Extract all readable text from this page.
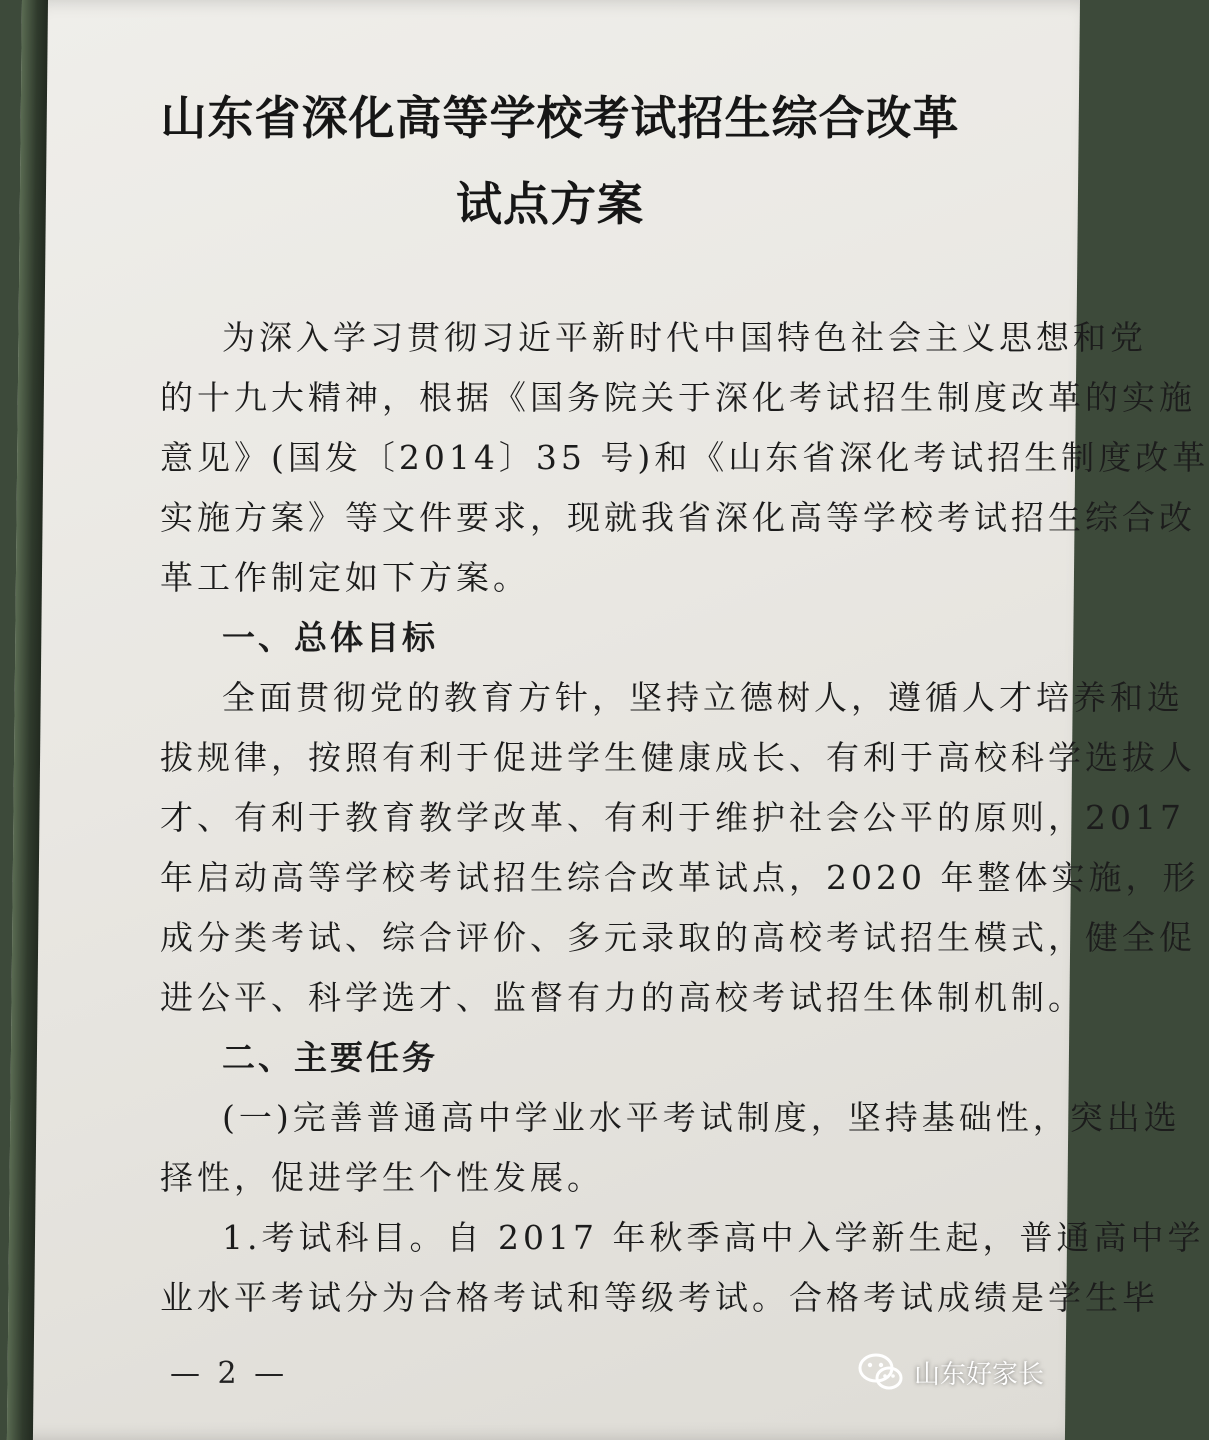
山东省深化高等学校考试招生综合改革
试点方案
为深入学习贯彻习近平新时代中国特色社会主义思想和党
的十九大精神，根据《国务院关于深化考试招生制度改革的实施
意见》(国发〔2014〕35 号)和《山东省深化考试招生制度改革
实施方案》等文件要求，现就我省深化高等学校考试招生综合改
革工作制定如下方案。
一、总体目标
全面贯彻党的教育方针，坚持立德树人，遵循人才培养和选
拔规律，按照有利于促进学生健康成长、有利于高校科学选拔人
才、有利于教育教学改革、有利于维护社会公平的原则，2017
年启动高等学校考试招生综合改革试点，2020 年整体实施，形
成分类考试、综合评价、多元录取的高校考试招生模式，健全促
进公平、科学选才、监督有力的高校考试招生体制机制。
二、主要任务
(一)完善普通高中学业水平考试制度，坚持基础性，突出选
择性，促进学生个性发展。
1.考试科目。自 2017 年秋季高中入学新生起，普通高中学
业水平考试分为合格考试和等级考试。合格考试成绩是学生毕
— 2 —	山东好家长
